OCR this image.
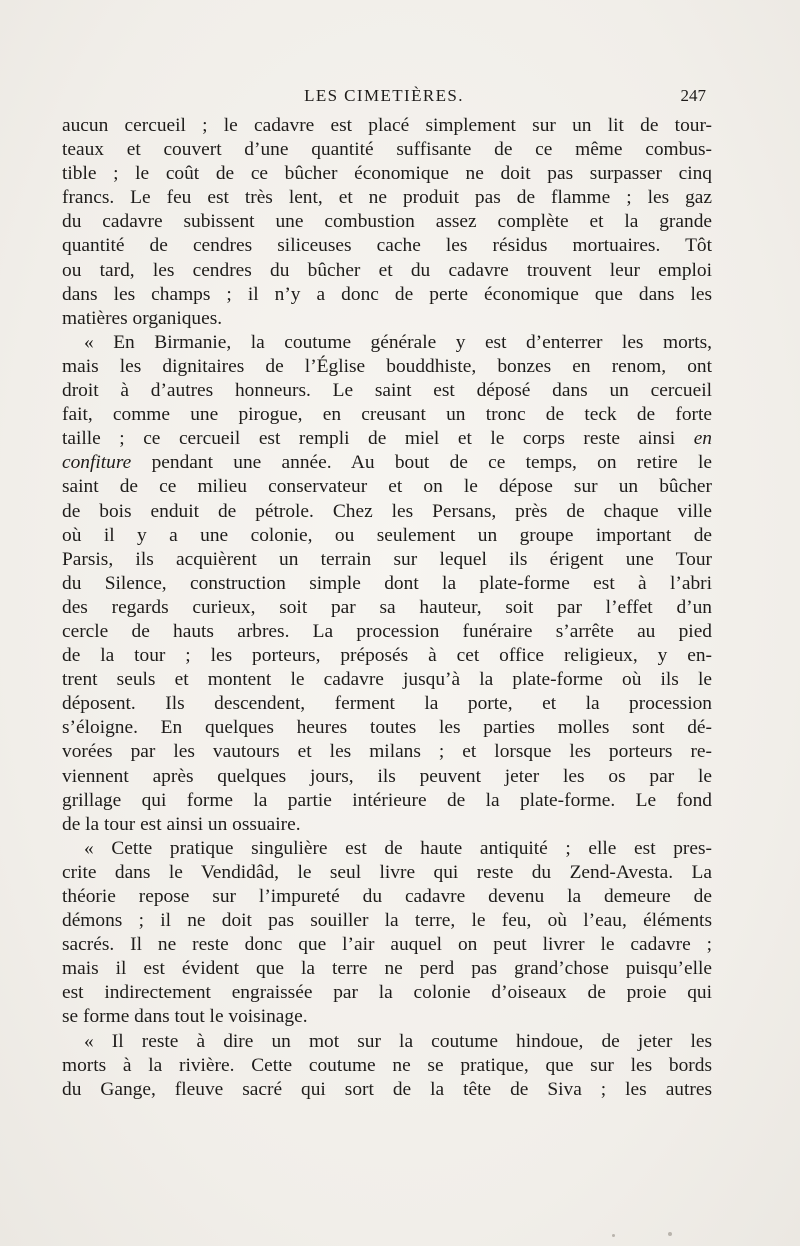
LES CIMETIÈRES.	247
aucun cercueil ; le cadavre est placé simplement sur un lit de tour-
teaux et couvert d’une quantité suffisante de ce même combus-
tible ; le coût de ce bûcher économique ne doit pas surpasser cinq
francs. Le feu est très lent, et ne produit pas de flamme ; les gaz
du cadavre subissent une combustion assez complète et la grande
quantité de cendres siliceuses cache les résidus mortuaires. Tôt
ou tard, les cendres du bûcher et du cadavre trouvent leur emploi
dans les champs ; il n’y a donc de perte économique que dans les
matières organiques.
« En Birmanie, la coutume générale y est d’enterrer les morts,
mais les dignitaires de l’Église bouddhiste, bonzes en renom, ont
droit à d’autres honneurs. Le saint est déposé dans un cercueil
fait, comme une pirogue, en creusant un tronc de teck de forte
taille ; ce cercueil est rempli de miel et le corps reste ainsi en
confiture pendant une année. Au bout de ce temps, on retire le
saint de ce milieu conservateur et on le dépose sur un bûcher
de bois enduit de pétrole. Chez les Persans, près de chaque ville
où il y a une colonie, ou seulement un groupe important de
Parsis, ils acquièrent un terrain sur lequel ils érigent une Tour
du Silence, construction simple dont la plate-forme est à l’abri
des regards curieux, soit par sa hauteur, soit par l’effet d’un
cercle de hauts arbres. La procession funéraire s’arrête au pied
de la tour ; les porteurs, préposés à cet office religieux, y en-
trent seuls et montent le cadavre jusqu’à la plate-forme où ils le
déposent. Ils descendent, ferment la porte, et la procession
s’éloigne. En quelques heures toutes les parties molles sont dé-
vorées par les vautours et les milans ; et lorsque les porteurs re-
viennent après quelques jours, ils peuvent jeter les os par le
grillage qui forme la partie intérieure de la plate-forme. Le fond
de la tour est ainsi un ossuaire.
« Cette pratique singulière est de haute antiquité ; elle est pres-
crite dans le Vendidâd, le seul livre qui reste du Zend-Avesta. La
théorie repose sur l’impureté du cadavre devenu la demeure de
démons ; il ne doit pas souiller la terre, le feu, où l’eau, éléments
sacrés. Il ne reste donc que l’air auquel on peut livrer le cadavre ;
mais il est évident que la terre ne perd pas grand’chose puisqu’elle
est indirectement engraissée par la colonie d’oiseaux de proie qui
se forme dans tout le voisinage.
« Il reste à dire un mot sur la coutume hindoue, de jeter les
morts à la rivière. Cette coutume ne se pratique, que sur les bords
du Gange, fleuve sacré qui sort de la tête de Siva ; les autres
